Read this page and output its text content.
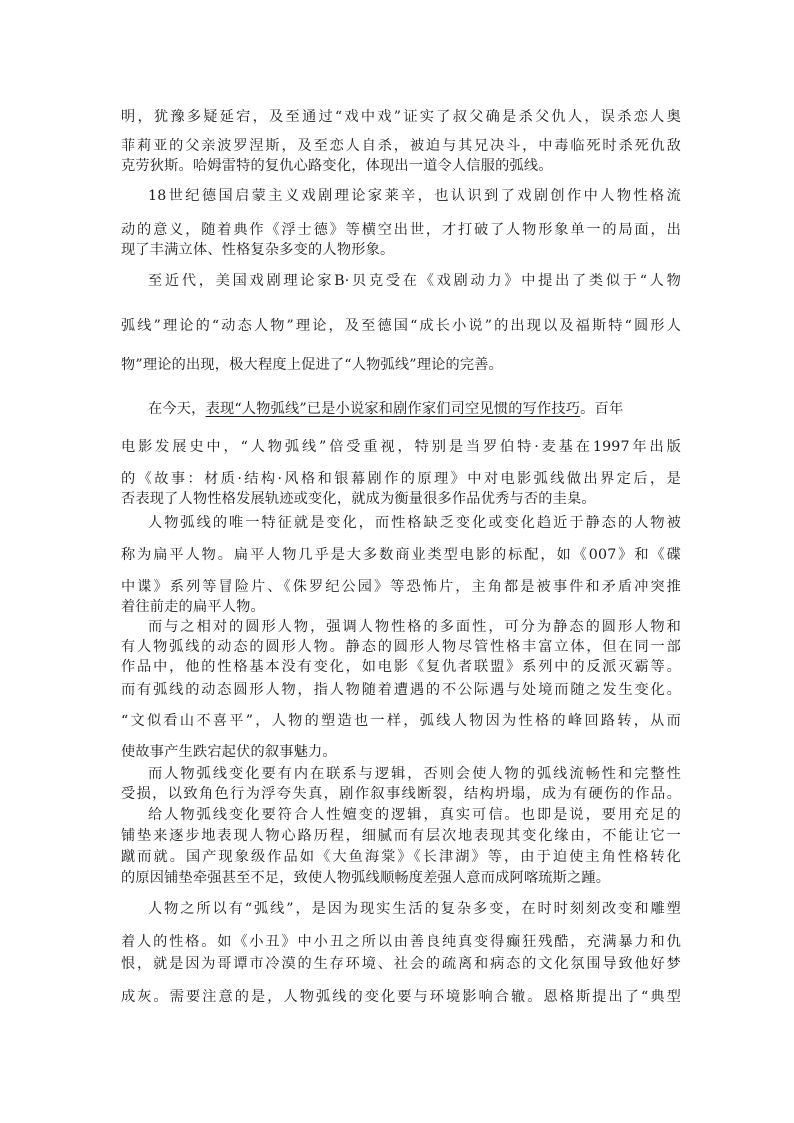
明，犹豫多疑延宕，及至通过“戏中戏”证实了叔父确是杀父仇人，误杀恋人奥
菲莉亚的父亲波罗涅斯，及至恋人自杀，被迫与其兄决斗，中毒临死时杀死仇敌
克劳狄斯。哈姆雷特的复仇心路变化，体现出一道令人信服的弧线。
18世纪德国启蒙主义戏剧理论家莱辛，也认识到了戏剧创作中人物性格流
动的意义，随着典作《浮士德》等横空出世，才打破了人物形象单一的局面，出
现了丰满立体、性格复杂多变的人物形象。
至近代，美国戏剧理论家B·贝克受在《戏剧动力》中提出了类似于“人物
弧线”理论的“动态人物”理论，及至德国“成长小说”的出现以及福斯特“圆形人
物”理论的出现，极大程度上促进了“人物弧线”理论的完善。
在今天，表现“人物弧线”已是小说家和剧作家们司空见惯的写作技巧。百年
电影发展史中，“人物弧线”倍受重视，特别是当罗伯特·麦基在1997年出版
的《故事：材质·结构·风格和银幕剧作的原理》中对电影弧线做出界定后，是
否表现了人物性格发展轨迹或变化，就成为衡量很多作品优秀与否的圭臬。
人物弧线的唯一特征就是变化，而性格缺乏变化或变化趋近于静态的人物被
称为扁平人物。扁平人物几乎是大多数商业类型电影的标配，如《007》和《碟
中谍》系列等冒险片、《侏罗纪公园》等恐怖片，主角都是被事件和矛盾冲突推
着往前走的扁平人物。
而与之相对的圆形人物，强调人物性格的多面性，可分为静态的圆形人物和
有人物弧线的动态的圆形人物。静态的圆形人物尽管性格丰富立体，但在同一部
作品中，他的性格基本没有变化，如电影《复仇者联盟》系列中的反派灭霸等。
而有弧线的动态圆形人物，指人物随着遭遇的不公际遇与处境而随之发生变化。
“文似看山不喜平”，人物的塑造也一样，弧线人物因为性格的峰回路转，从而
使故事产生跌宕起伏的叙事魅力。
而人物弧线变化要有内在联系与逻辑，否则会使人物的弧线流畅性和完整性
受损，以致角色行为浮夸失真，剧作叙事线断裂，结构坍塌，成为有硬伤的作品。
给人物弧线变化要符合人性嬗变的逻辑，真实可信。也即是说，要用充足的
铺垫来逐步地表现人物心路历程，细腻而有层次地表现其变化缘由，不能让它一
蹴而就。国产现象级作品如《大鱼海棠》《长津湖》等，由于迫使主角性格转化
的原因铺垫牵强甚至不足，致使人物弧线顺畅度差强人意而成阿喀琉斯之踵。
人物之所以有“弧线”，是因为现实生活的复杂多变，在时时刻刻改变和雕塑
着人的性格。如《小丑》中小丑之所以由善良纯真变得癫狂残酷，充满暴力和仇
恨，就是因为哥谭市冷漠的生存环境、社会的疏离和病态的文化氛围导致他好梦
成灰。需要注意的是，人物弧线的变化要与环境影响合辙。恩格斯提出了“典型
